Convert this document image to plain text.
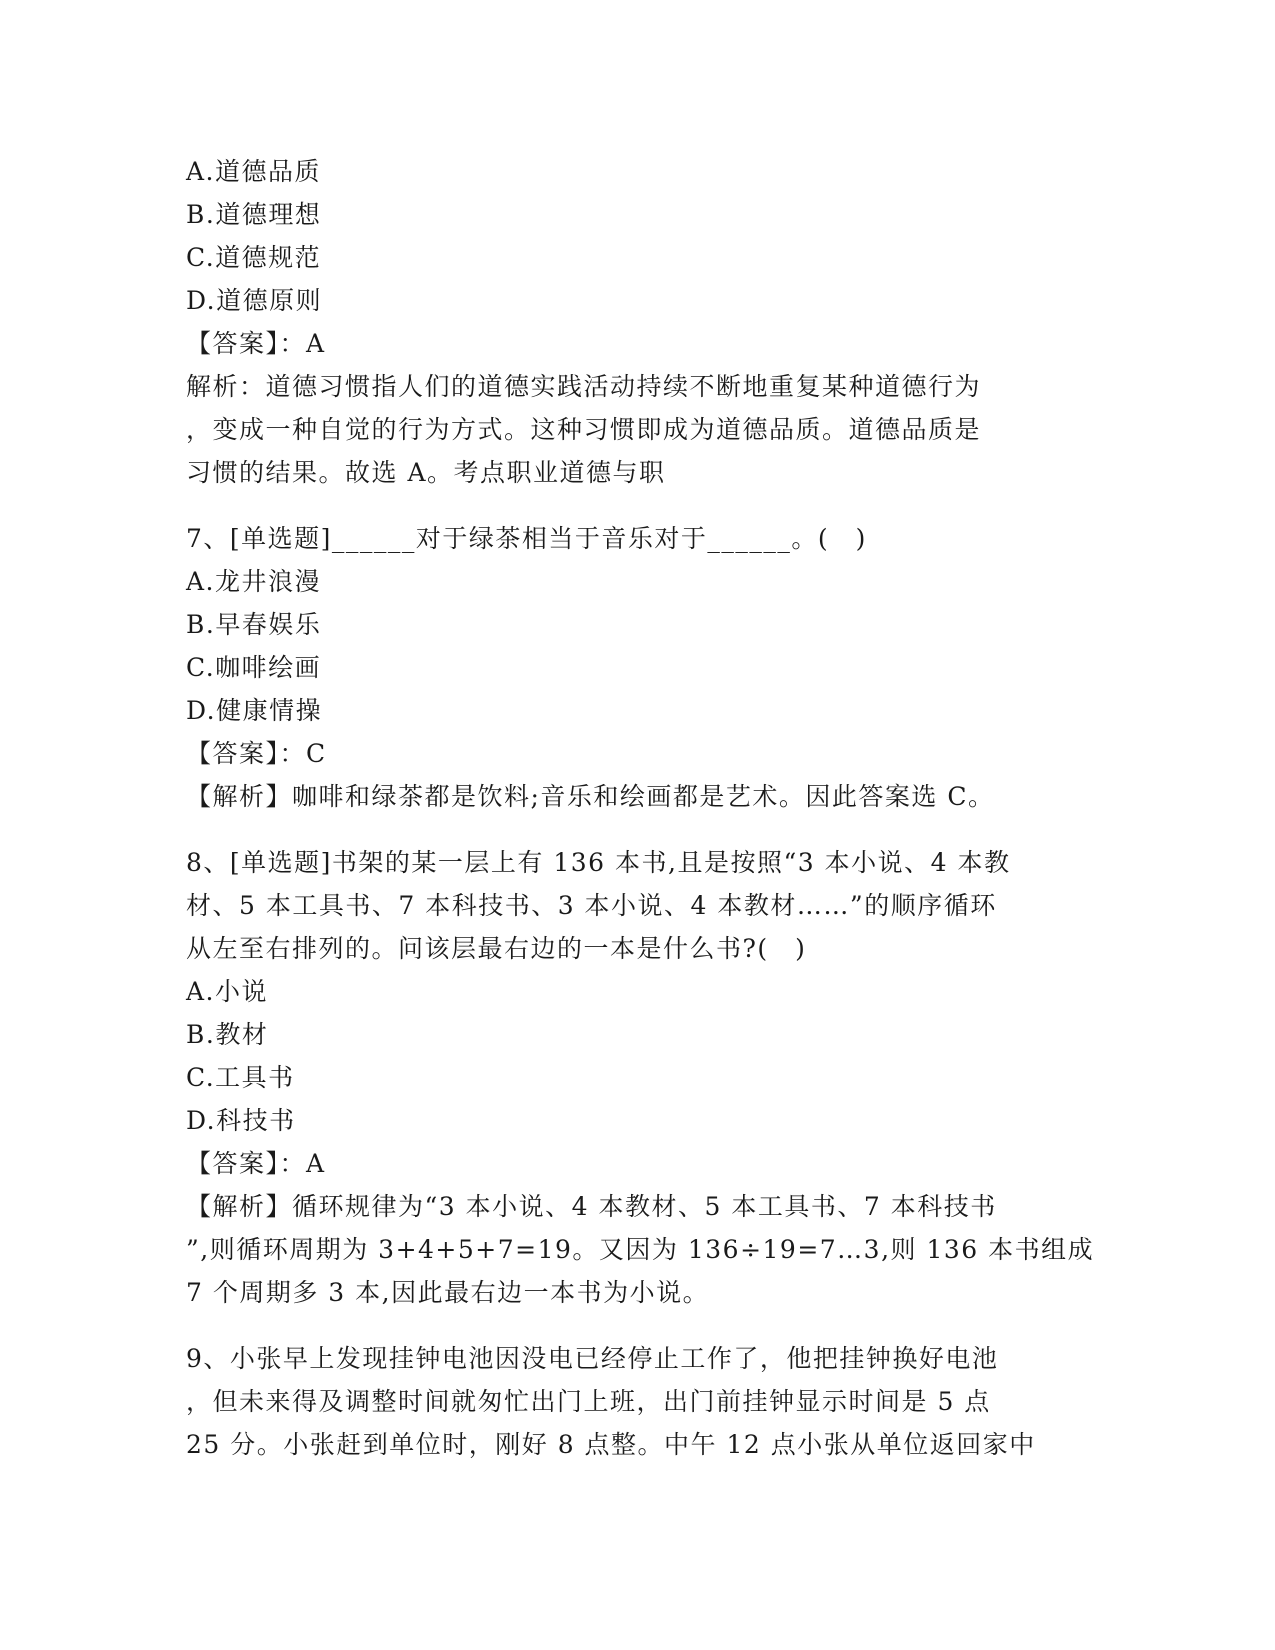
A.道德品质
B.道德理想
C.道德规范
D.道德原则
【答案】：A
解析：道德习惯指人们的道德实践活动持续不断地重复某种道德行为
，变成一种自觉的行为方式。这种习惯即成为道德品质。道德品质是
习惯的结果。故选 A。考点职业道德与职
7、[单选题]______对于绿茶相当于音乐对于______。(　)
A.龙井浪漫
B.早春娱乐
C.咖啡绘画
D.健康情操
【答案】：C
【解析】咖啡和绿茶都是饮料;音乐和绘画都是艺术。因此答案选 C。
8、[单选题]书架的某一层上有 136 本书,且是按照“3 本小说、4 本教
材、5 本工具书、7 本科技书、3 本小说、4 本教材……”的顺序循环
从左至右排列的。问该层最右边的一本是什么书?(　)
A.小说
B.教材
C.工具书
D.科技书
【答案】：A
【解析】循环规律为“3 本小说、4 本教材、5 本工具书、7 本科技书
”,则循环周期为 3+4+5+7=19。又因为 136÷19=7…3,则 136 本书组成
7 个周期多 3 本,因此最右边一本书为小说。
9、小张早上发现挂钟电池因没电已经停止工作了，他把挂钟换好电池
，但未来得及调整时间就匆忙出门上班，出门前挂钟显示时间是 5 点
25 分。小张赶到单位时，刚好 8 点整。中午 12 点小张从单位返回家中
